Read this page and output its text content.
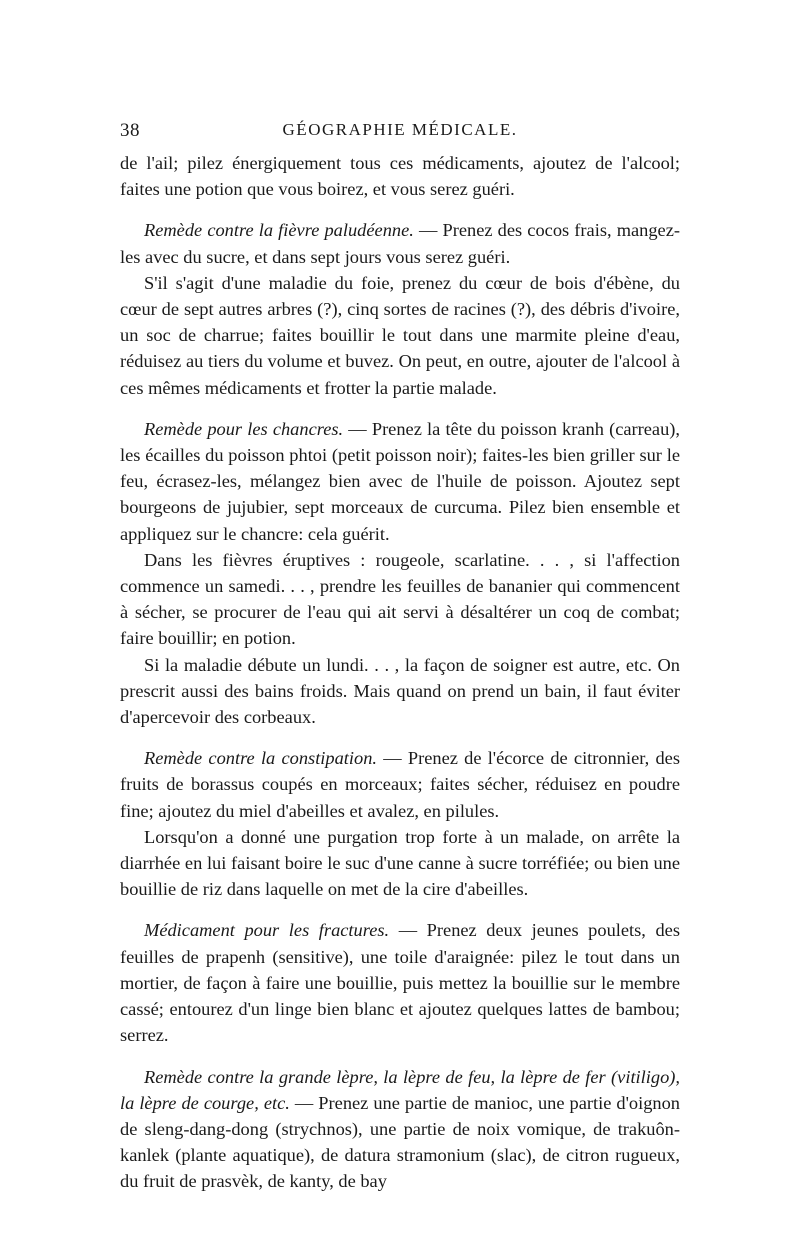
38	GÉOGRAPHIE MÉDICALE.

de l'ail; pilez énergiquement tous ces médicaments, ajoutez de l'alcool; faites une potion que vous boirez, et vous serez guéri.

Remède contre la fièvre paludéenne. — Prenez des cocos frais, mangez-les avec du sucre, et dans sept jours vous serez guéri.

S'il s'agit d'une maladie du foie, prenez du cœur de bois d'ébène, du cœur de sept autres arbres (?), cinq sortes de racines (?), des débris d'ivoire, un soc de charrue; faites bouillir le tout dans une marmite pleine d'eau, réduisez au tiers du volume et buvez. On peut, en outre, ajouter de l'alcool à ces mêmes médicaments et frotter la partie malade.

Remède pour les chancres. — Prenez la tête du poisson kranh (carreau), les écailles du poisson phtoi (petit poisson noir); faites-les bien griller sur le feu, écrasez-les, mélangez bien avec de l'huile de poisson. Ajoutez sept bourgeons de jujubier, sept morceaux de curcuma. Pilez bien ensemble et appliquez sur le chancre: cela guérit.

Dans les fièvres éruptives : rougeole, scarlatine. . . , si l'affection commence un samedi. . . , prendre les feuilles de bananier qui commencent à sécher, se procurer de l'eau qui ait servi à désaltérer un coq de combat; faire bouillir; en potion.

Si la maladie débute un lundi. . . , la façon de soigner est autre, etc. On prescrit aussi des bains froids. Mais quand on prend un bain, il faut éviter d'apercevoir des corbeaux.

Remède contre la constipation. — Prenez de l'écorce de citronnier, des fruits de borassus coupés en morceaux; faites sécher, réduisez en poudre fine; ajoutez du miel d'abeilles et avalez, en pilules.

Lorsqu'on a donné une purgation trop forte à un malade, on arrête la diarrhée en lui faisant boire le suc d'une canne à sucre torréfiée; ou bien une bouillie de riz dans laquelle on met de la cire d'abeilles.

Médicament pour les fractures. — Prenez deux jeunes poulets, des feuilles de prapenh (sensitive), une toile d'araignée: pilez le tout dans un mortier, de façon à faire une bouillie, puis mettez la bouillie sur le membre cassé; entourez d'un linge bien blanc et ajoutez quelques lattes de bambou; serrez.

Remède contre la grande lèpre, la lèpre de feu, la lèpre de fer (vitiligo), la lèpre de courge, etc. — Prenez une partie de manioc, une partie d'oignon de sleng-dang-dong (strychnos), une partie de noix vomique, de trakuôn-kanlek (plante aquatique), de datura stramonium (slac), de citron rugueux, du fruit de prasvèk, de kanty, de bay
